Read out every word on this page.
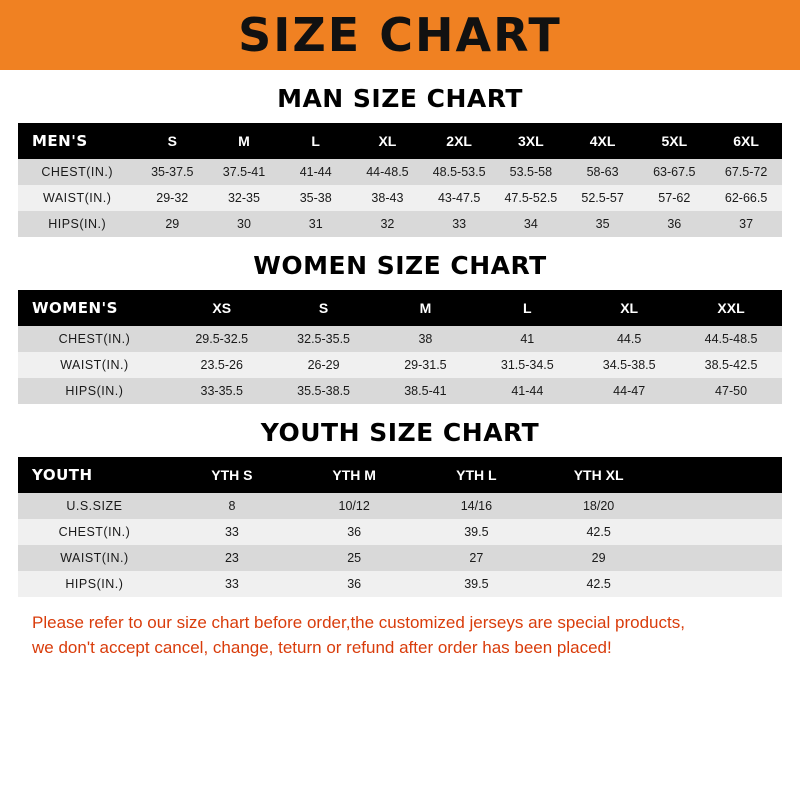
SIZE CHART
MAN SIZE CHART
MEN'S	S	M	L	XL	2XL	3XL	4XL	5XL	6XL
CHEST(IN.)	35-37.5	37.5-41	41-44	44-48.5	48.5-53.5	53.5-58	58-63	63-67.5	67.5-72
WAIST(IN.)	29-32	32-35	35-38	38-43	43-47.5	47.5-52.5	52.5-57	57-62	62-66.5
HIPS(IN.)	29	30	31	32	33	34	35	36	37
WOMEN SIZE CHART
WOMEN'S	XS	S	M	L	XL	XXL
CHEST(IN.)	29.5-32.5	32.5-35.5	38	41	44.5	44.5-48.5
WAIST(IN.)	23.5-26	26-29	29-31.5	31.5-34.5	34.5-38.5	38.5-42.5
HIPS(IN.)	33-35.5	35.5-38.5	38.5-41	41-44	44-47	47-50
YOUTH SIZE CHART
YOUTH	YTH S	YTH M	YTH L	YTH XL		
U.S.SIZE	8	10/12	14/16	18/20		
CHEST(IN.)	33	36	39.5	42.5		
WAIST(IN.)	23	25	27	29		
HIPS(IN.)	33	36	39.5	42.5		

Please refer to our size chart before order,the customized jerseys are special products,

we don't accept cancel, change, teturn or refund after order has been placed!
